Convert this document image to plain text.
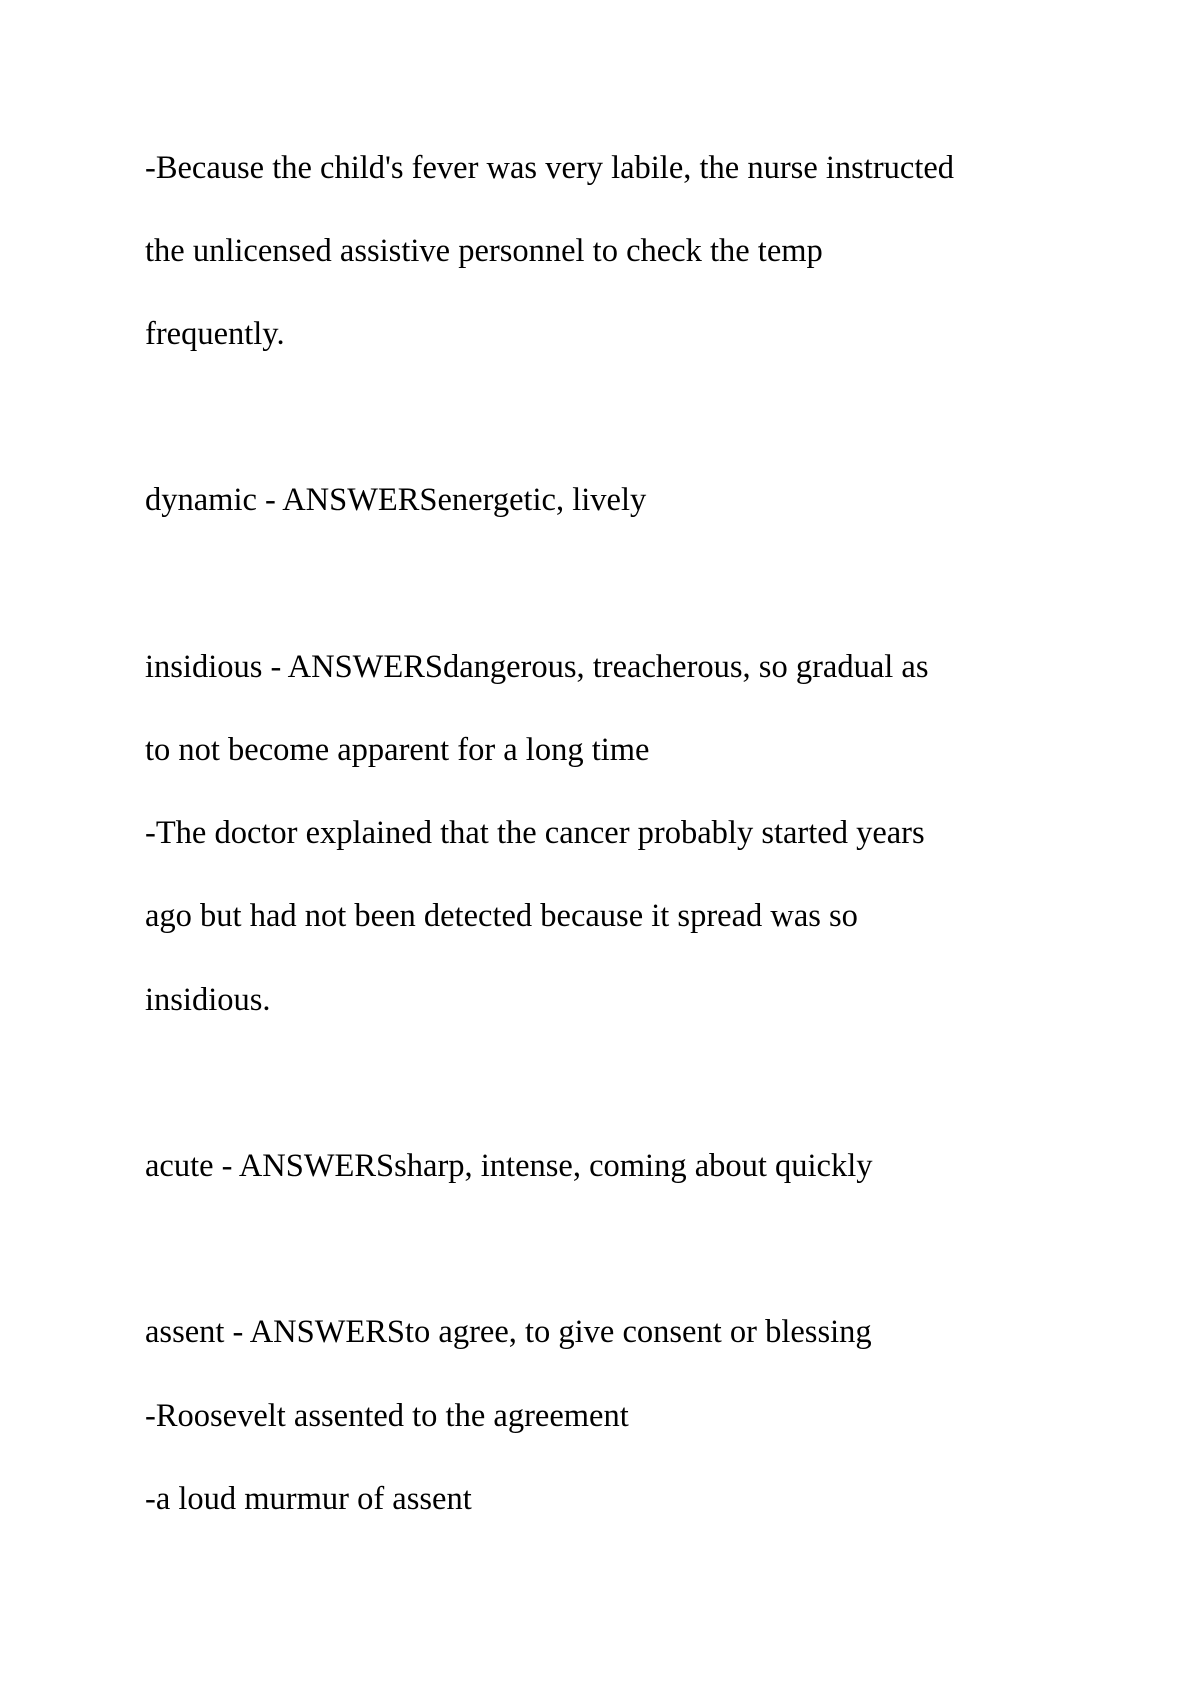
-Because the child's fever was very labile, the nurse instructed

the unlicensed assistive personnel to check the temp

frequently.

dynamic - ANSWERSenergetic, lively

insidious - ANSWERSdangerous, treacherous, so gradual as

to not become apparent for a long time

-The doctor explained that the cancer probably started years

ago but had not been detected because it spread was so

insidious.

acute - ANSWERSsharp, intense, coming about quickly

assent - ANSWERSto agree, to give consent or blessing

-Roosevelt assented to the agreement

-a loud murmur of assent
